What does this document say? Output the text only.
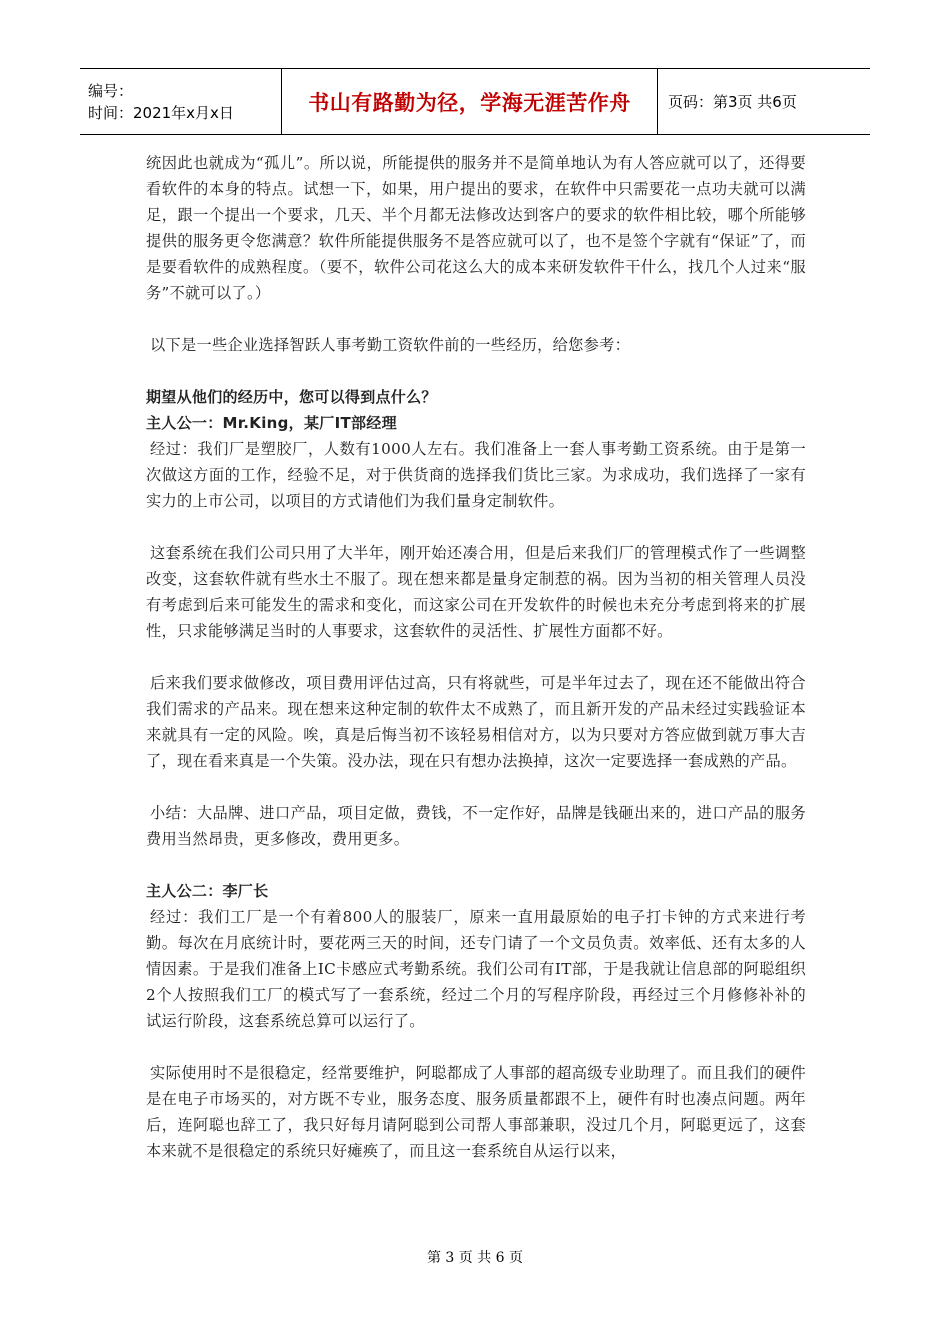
编号：
时间：2021年x月x日	书山有路勤为径，学海无涯苦作舟	页码：第3页 共6页

统因此也就成为“孤儿”。所以说，所能提供的服务并不是简单地认为有人答应就可以了，还得要看软件的本身的特点。试想一下，如果，用户提出的要求，在软件中只需要花一点功夫就可以满足，跟一个提出一个要求，几天、半个月都无法修改达到客户的要求的软件相比较，哪个所能够提供的服务更令您满意？软件所能提供服务不是答应就可以了，也不是签个字就有“保证”了，而是要看软件的成熟程度。（要不，软件公司花这么大的成本来研发软件干什么，找几个人过来“服务”不就可以了。）

以下是一些企业选择智跃人事考勤工资软件前的一些经历，给您参考：

期望从他们的经历中，您可以得到点什么？

主人公一：Mr.King，某厂IT部经理

经过：我们厂是塑胶厂，人数有1000人左右。我们准备上一套人事考勤工资系统。由于是第一次做这方面的工作，经验不足，对于供货商的选择我们货比三家。为求成功，我们选择了一家有实力的上市公司，以项目的方式请他们为我们量身定制软件。

这套系统在我们公司只用了大半年，刚开始还凑合用，但是后来我们厂的管理模式作了一些调整改变，这套软件就有些水土不服了。现在想来都是量身定制惹的祸。因为当初的相关管理人员没有考虑到后来可能发生的需求和变化，而这家公司在开发软件的时候也未充分考虑到将来的扩展性，只求能够满足当时的人事要求，这套软件的灵活性、扩展性方面都不好。

后来我们要求做修改，项目费用评估过高，只有将就些，可是半年过去了，现在还不能做出符合我们需求的产品来。现在想来这种定制的软件太不成熟了，而且新开发的产品未经过实践验证本来就具有一定的风险。唉，真是后悔当初不该轻易相信对方，以为只要对方答应做到就万事大吉了，现在看来真是一个失策。没办法，现在只有想办法换掉，这次一定要选择一套成熟的产品。

小结：大品牌、进口产品，项目定做，费钱，不一定作好，品牌是钱砸出来的，进口产品的服务费用当然昂贵，更多修改，费用更多。

主人公二：李厂长

经过：我们工厂是一个有着800人的服装厂，原来一直用最原始的电子打卡钟的方式来进行考勤。每次在月底统计时，要花两三天的时间，还专门请了一个文员负责。效率低、还有太多的人情因素。于是我们准备上IC卡感应式考勤系统。我们公司有IT部，于是我就让信息部的阿聪组织2个人按照我们工厂的模式写了一套系统，经过二个月的写程序阶段，再经过三个月修修补补的试运行阶段，这套系统总算可以运行了。

实际使用时不是很稳定，经常要维护，阿聪都成了人事部的超高级专业助理了。而且我们的硬件是在电子市场买的，对方既不专业，服务态度、服务质量都跟不上，硬件有时也凑点问题。两年后，连阿聪也辞工了，我只好每月请阿聪到公司帮人事部兼职，没过几个月，阿聪更远了，这套本来就不是很稳定的系统只好瘫痪了，而且这一套系统自从运行以来，

第 3 页 共 6 页
